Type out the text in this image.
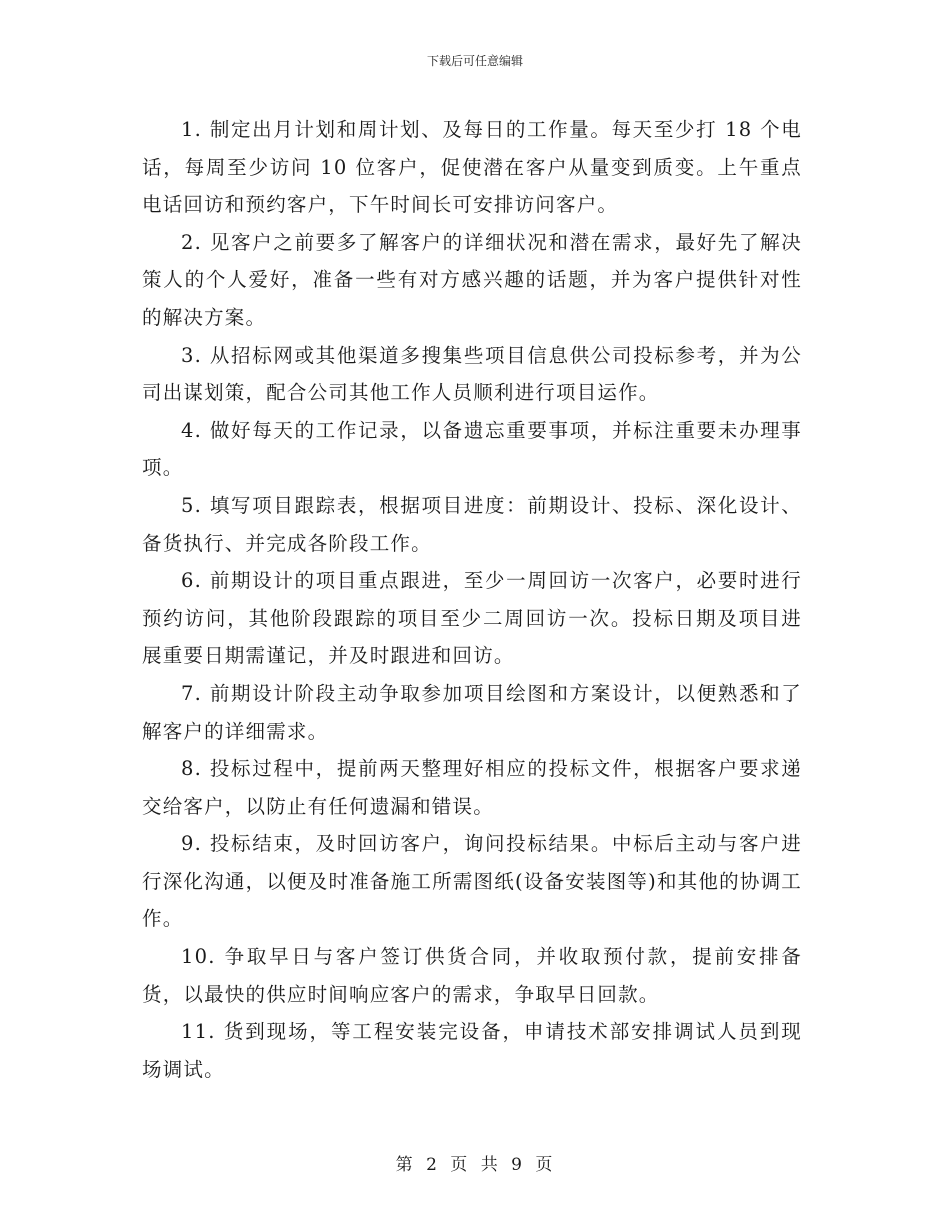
下载后可任意编辑

1. 制定出月计划和周计划、及每日的工作量。每天至少打 18 个电话，每周至少访问 10 位客户，促使潜在客户从量变到质变。上午重点电话回访和预约客户，下午时间长可安排访问客户。

2. 见客户之前要多了解客户的详细状况和潜在需求，最好先了解决策人的个人爱好，准备一些有对方感兴趣的话题，并为客户提供针对性的解决方案。

3. 从招标网或其他渠道多搜集些项目信息供公司投标参考，并为公司出谋划策，配合公司其他工作人员顺利进行项目运作。

4. 做好每天的工作记录，以备遗忘重要事项，并标注重要未办理事项。

5. 填写项目跟踪表，根据项目进度：前期设计、投标、深化设计、备货执行、并完成各阶段工作。

6. 前期设计的项目重点跟进，至少一周回访一次客户，必要时进行预约访问，其他阶段跟踪的项目至少二周回访一次。投标日期及项目进展重要日期需谨记，并及时跟进和回访。

7. 前期设计阶段主动争取参加项目绘图和方案设计，以便熟悉和了解客户的详细需求。

8. 投标过程中，提前两天整理好相应的投标文件，根据客户要求递交给客户，以防止有任何遗漏和错误。

9. 投标结束，及时回访客户，询问投标结果。中标后主动与客户进行深化沟通，以便及时准备施工所需图纸(设备安装图等)和其他的协调工作。

10. 争取早日与客户签订供货合同，并收取预付款，提前安排备货，以最快的供应时间响应客户的需求，争取早日回款。

11. 货到现场，等工程安装完设备，申请技术部安排调试人员到现场调试。

第 2 页 共 9 页
